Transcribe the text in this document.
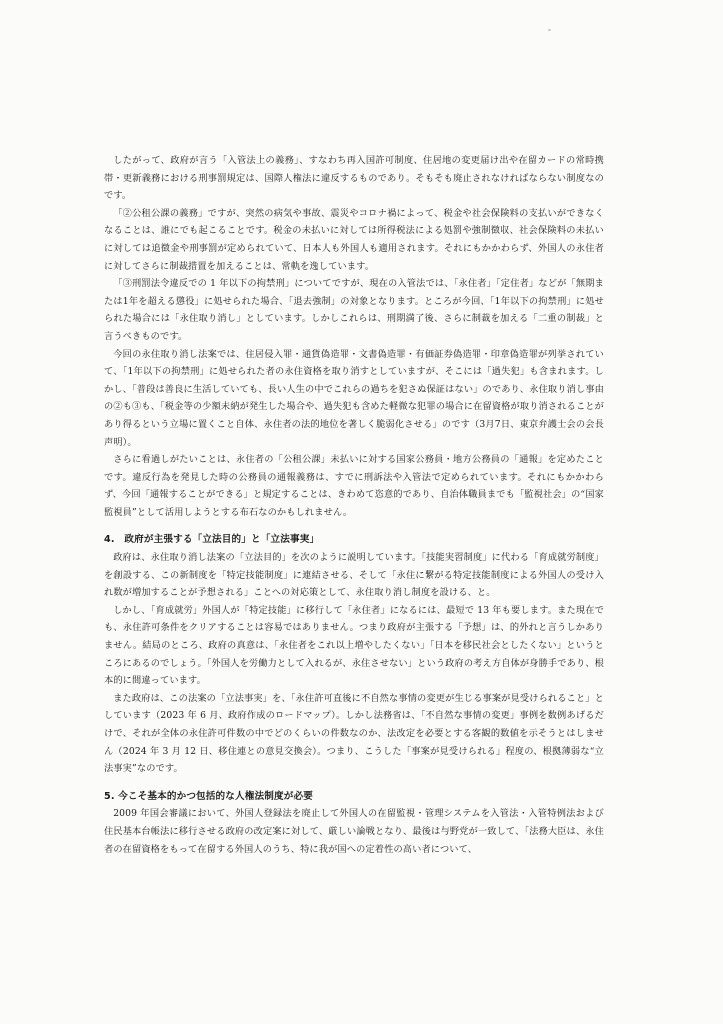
したがって、政府が言う「入管法上の義務」、すなわち再入国許可制度、住居地の変更届け出や在留カードの常時携帯・更新義務における刑事罰規定は、国際人権法に違反するものであり。そもそも廃止されなければならない制度なのです。

「②公租公課の義務」ですが、突然の病気や事故、震災やコロナ禍によって、税金や社会保険料の支払いができなくなることは、誰にでも起こることです。税金の未払いに対しては所得税法による処罰や強制徴収、社会保険料の未払いに対しては追徴金や刑事罰が定められていて、日本人も外国人も適用されます。それにもかかわらず、外国人の永住者に対してさらに制裁措置を加えることは、常軌を逸しています。

「③刑罰法令違反での 1 年以下の拘禁刑」についてですが、現在の入管法では、「永住者」「定住者」などが「無期または1年を超える懲役」に処せられた場合、「退去強制」の対象となります。ところが今回、「1年以下の拘禁刑」に処せられた場合には「永住取り消し」としています。しかしこれらは、刑期満了後、さらに制裁を加える「二重の制裁」と言うべきものです。

今回の永住取り消し法案では、住居侵入罪・通貨偽造罪・文書偽造罪・有価証券偽造罪・印章偽造罪が列挙されていて、「1年以下の拘禁刑」に処せられた者の永住資格を取り消すとしていますが、そこには「過失犯」も含まれます。しかし、「普段は善良に生活していても、長い人生の中でこれらの過ちを犯さぬ保証はない」のであり、永住取り消し事由の②も③も、「税金等の少額未納が発生した場合や、過失犯も含めた軽微な犯罪の場合に在留資格が取り消されることがあり得るという立場に置くこと自体、永住者の法的地位を著しく脆弱化させる」のです（3月7日、東京弁護士会の会長声明）。

さらに看過しがたいことは、永住者の「公租公課」未払いに対する国家公務員・地方公務員の「通報」を定めたことです。違反行為を発見した時の公務員の通報義務は、すでに刑訴法や入管法で定められています。それにもかかわらず、今回「通報することができる」と規定することは、きわめて恣意的であり、自治体職員までも「監視社会」の“国家監視員”として活用しようとする布石なのかもしれません。

4.　政府が主張する「立法目的」と「立法事実」

政府は、永住取り消し法案の「立法目的」を次のように説明しています。「技能実習制度」に代わる「育成就労制度」を創設する、この新制度を「特定技能制度」に連結させる、そして「永住に繋がる特定技能制度による外国人の受け入れ数が増加することが予想される」ことへの対応策として、永住取り消し制度を設ける、と。

しかし、「育成就労」外国人が「特定技能」に移行して「永住者」になるには、最短で 13 年も要します。また現在でも、永住許可条件をクリアすることは容易ではありません。つまり政府が主張する「予想」は、的外れと言うしかありません。結局のところ、政府の真意は、「永住者をこれ以上増やしたくない」「日本を移民社会としたくない」というところにあるのでしょう。「外国人を労働力として入れるが、永住させない」という政府の考え方自体が身勝手であり、根本的に間違っています。

また政府は、この法案の「立法事実」を、「永住許可直後に不自然な事情の変更が生じる事案が見受けられること」としています（2023 年 6 月、政府作成のロードマップ）。しかし法務省は、「不自然な事情の変更」事例を数例あげるだけで、それが全体の永住許可件数の中でどのくらいの件数なのか、法改定を必要とする客観的数値を示そうとはしません（2024 年 3 月 12 日、移住連との意見交換会）。つまり、こうした「事案が見受けられる」程度の、根拠薄弱な“立法事実”なのです。

5. 今こそ基本的かつ包括的な人権法制度が必要

2009 年国会審議において、外国人登録法を廃止して外国人の在留監視・管理システムを入管法・入管特例法および住民基本台帳法に移行させる政府の改定案に対して、厳しい論戦となり、最後は与野党が一致して、「法務大臣は、永住者の在留資格をもって在留する外国人のうち、特に我が国への定着性の高い者について、
